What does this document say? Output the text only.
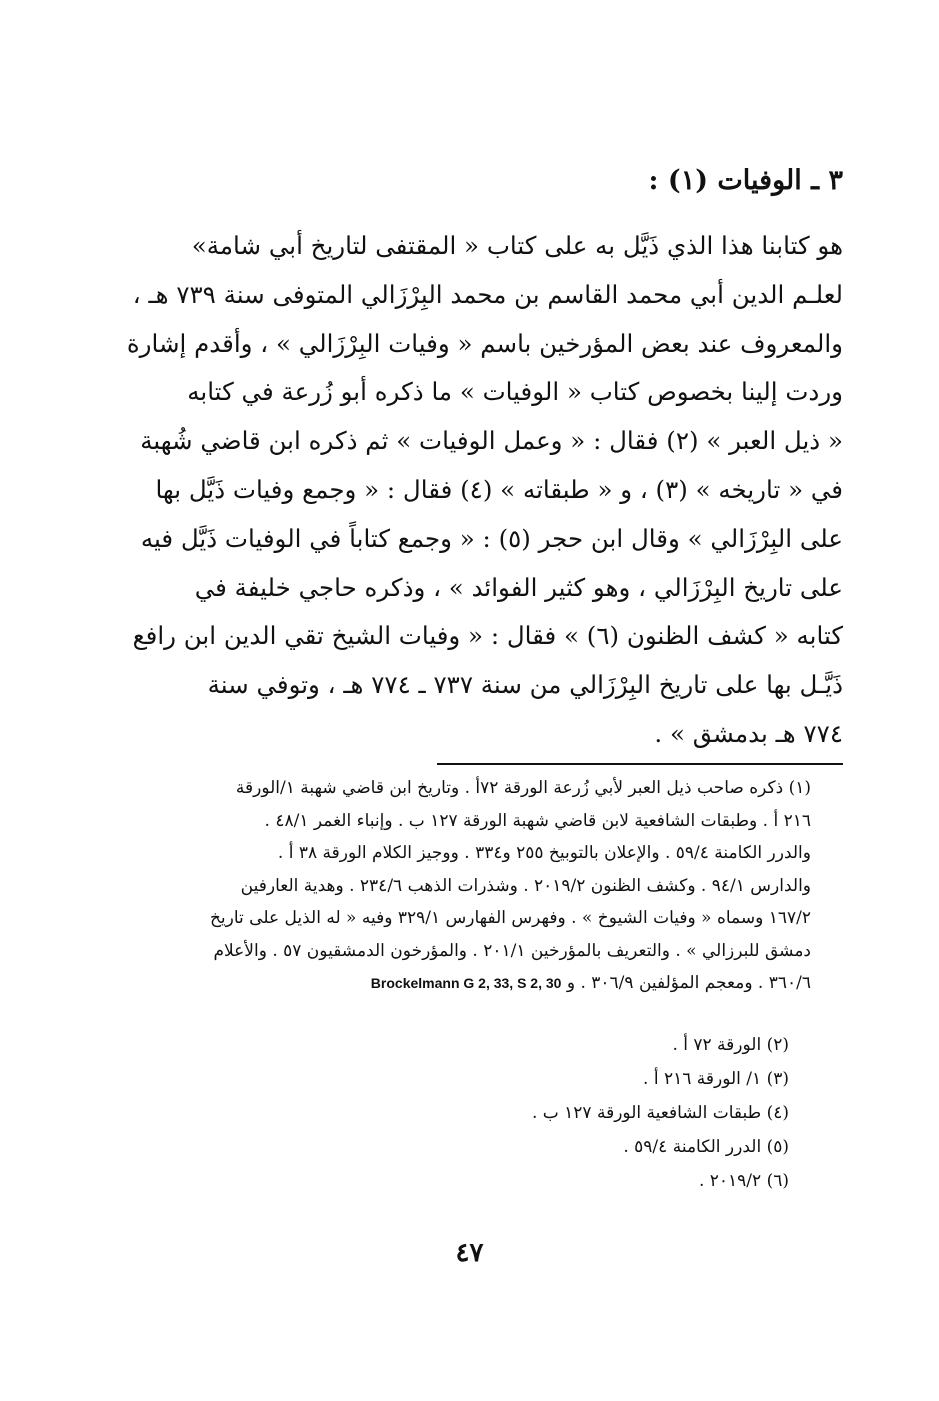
٣ ـ الوفيات (١) :
هو كتابنا هذا الذي ذَيَّل به على كتاب « المقتفى لتاريخ أبي شامة»
لعلـم الدين أبي محمد القاسم بن محمد البِرْزَالي المتوفى سنة ٧٣٩ هـ ،
والمعروف عند بعض المؤرخين باسم « وفيات البِرْزَالي » ، وأقدم إشارة
وردت إلينا بخصوص كتاب « الوفيات » ما ذكره أبو زُرعة في كتابه
« ذيل العبر » (٢) فقال : « وعمل الوفيات » ثم ذكره ابن قاضي شُهبة
في « تاريخه » (٣) ، و « طبقاته » (٤) فقال : « وجمع وفيات ذَيَّل بها
على البِرْزَالي » وقال ابن حجر (٥) : « وجمع كتاباً في الوفيات ذَيَّل فيه
على تاريخ البِرْزَالي ، وهو كثير الفوائد » ، وذكره حاجي خليفة في
كتابه « كشف الظنون (٦) » فقال : « وفيات الشيخ تقي الدين ابن رافع
ذَيَّـل بها على تاريخ البِرْزَالي من سنة ٧٣٧ ـ ٧٧٤ هـ ، وتوفي سنة
٧٧٤ هـ بدمشق » .
(١) ذكره صاحب ذيل العبر لأبي زُرعة الورقة ٧٢أ . وتاريخ ابن قاضي شهبة ١/الورقة
٢١٦ أ . وطبقات الشافعية لابن قاضي شهبة الورقة ١٢٧ ب . وإنباء الغمر ٤٨/١ .
والدرر الكامنة ٥٩/٤ . والإعلان بالتوبيخ ٢٥٥ و٣٣٤ . ووجيز الكلام الورقة ٣٨ أ .
والدارس ٩٤/١ . وكشف الظنون ٢٠١٩/٢ . وشذرات الذهب ٢٣٤/٦ . وهدية العارفين
١٦٧/٢ وسماه « وفيات الشيوخ » . وفهرس الفهارس ٣٢٩/١ وفيه « له الذيل على تاريخ
دمشق للبرزالي » . والتعريف بالمؤرخين ٢٠١/١ . والمؤرخون الدمشقيون ٥٧ . والأعلام
٣٦٠/٦ . ومعجم المؤلفين ٣٠٦/٩ . و Brockelmann G 2, 33, S 2, 30
(٢) الورقة ٧٢ أ .
(٣) ١/ الورقة ٢١٦ أ .
(٤) طبقات الشافعية الورقة ١٢٧ ب .
(٥) الدرر الكامنة ٥٩/٤ .
(٦) ٢٠١٩/٢ .
٤٧
